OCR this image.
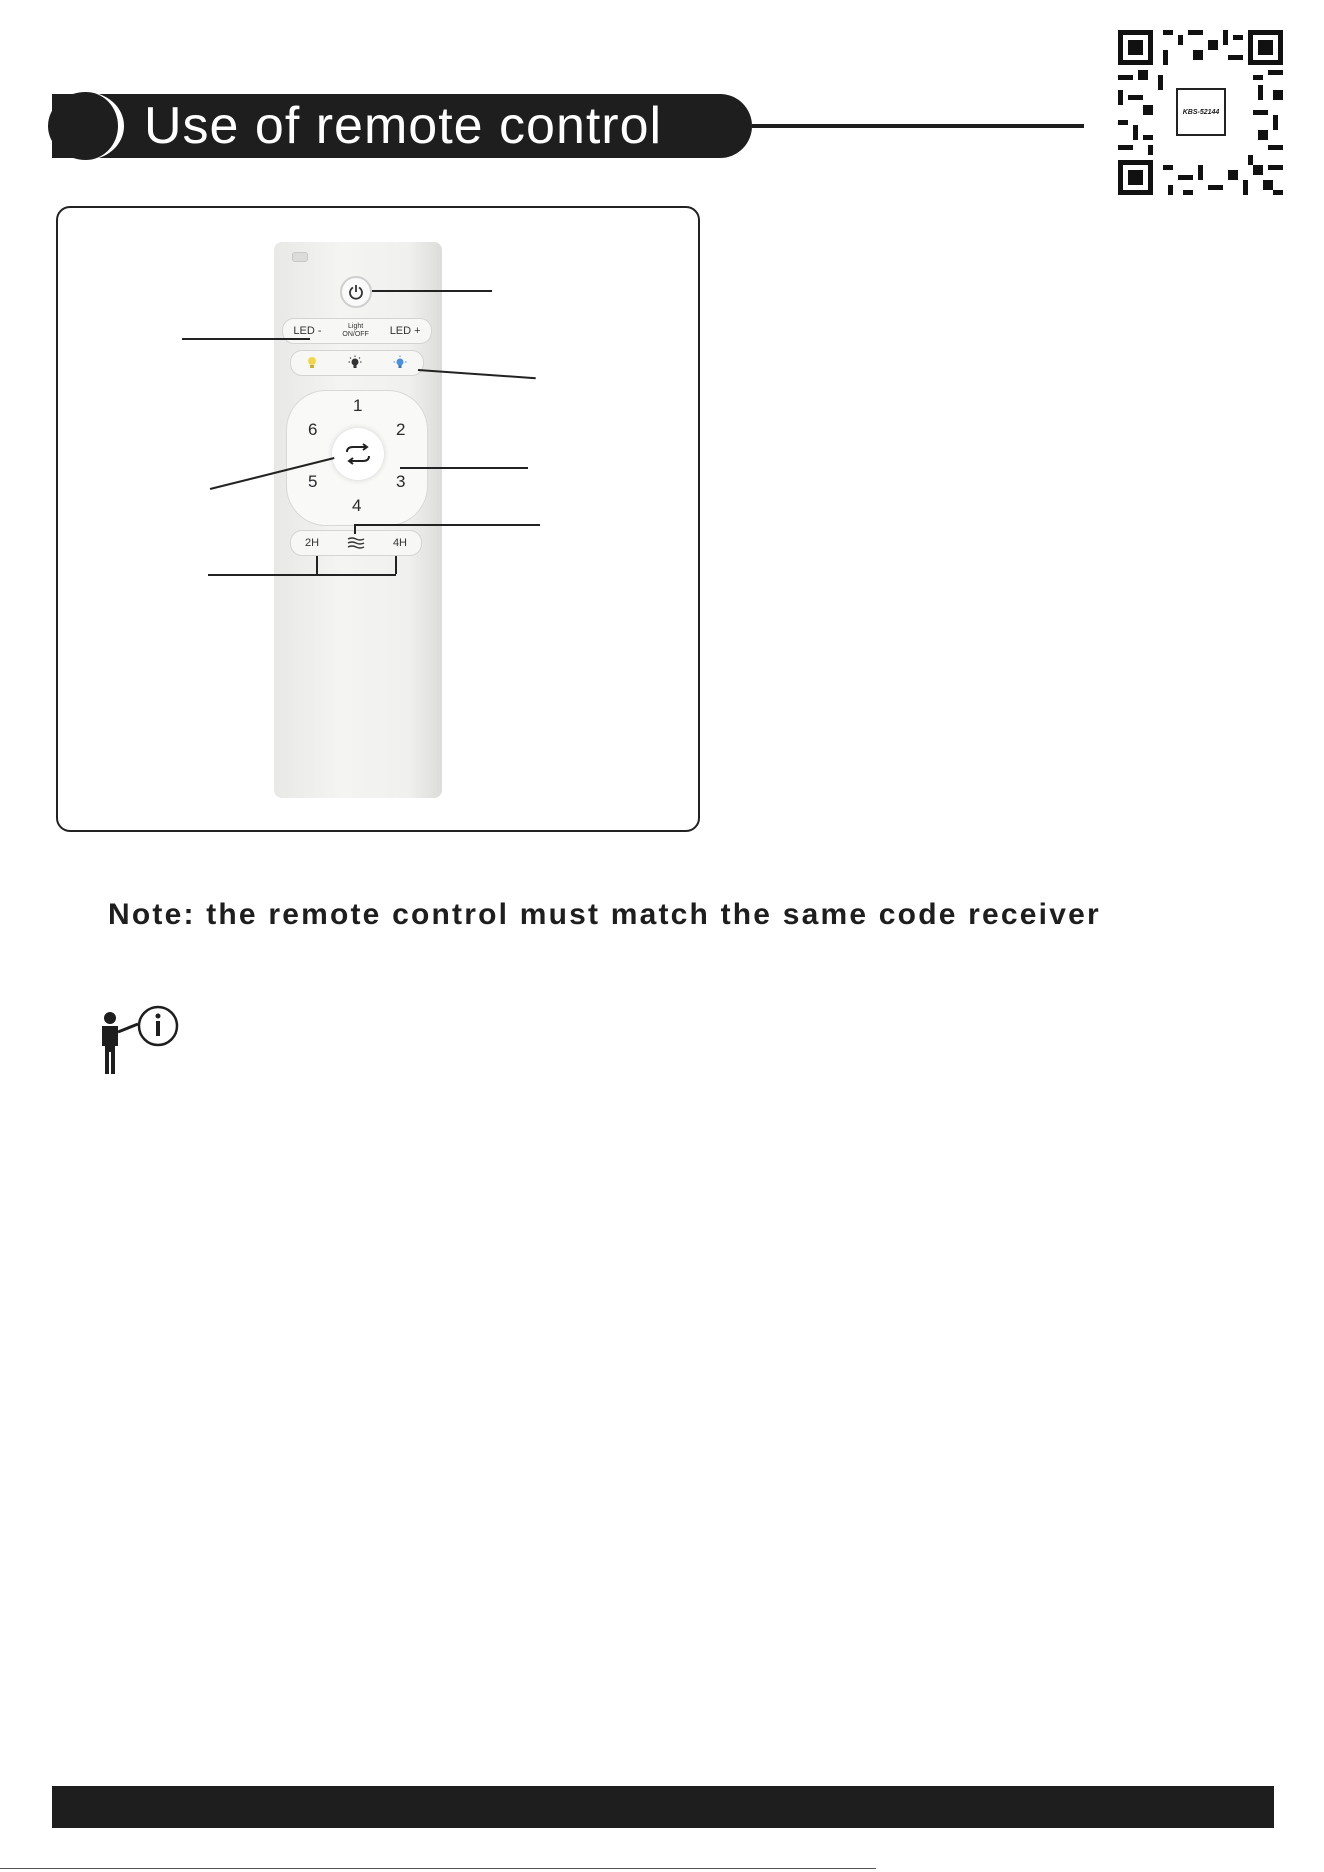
Use of remote control	KBS-52144
LED -	Light
ON/OFF LED +
1
2
3
4
5
6
2H	4H
Note: the remote control must match the same code receiver
